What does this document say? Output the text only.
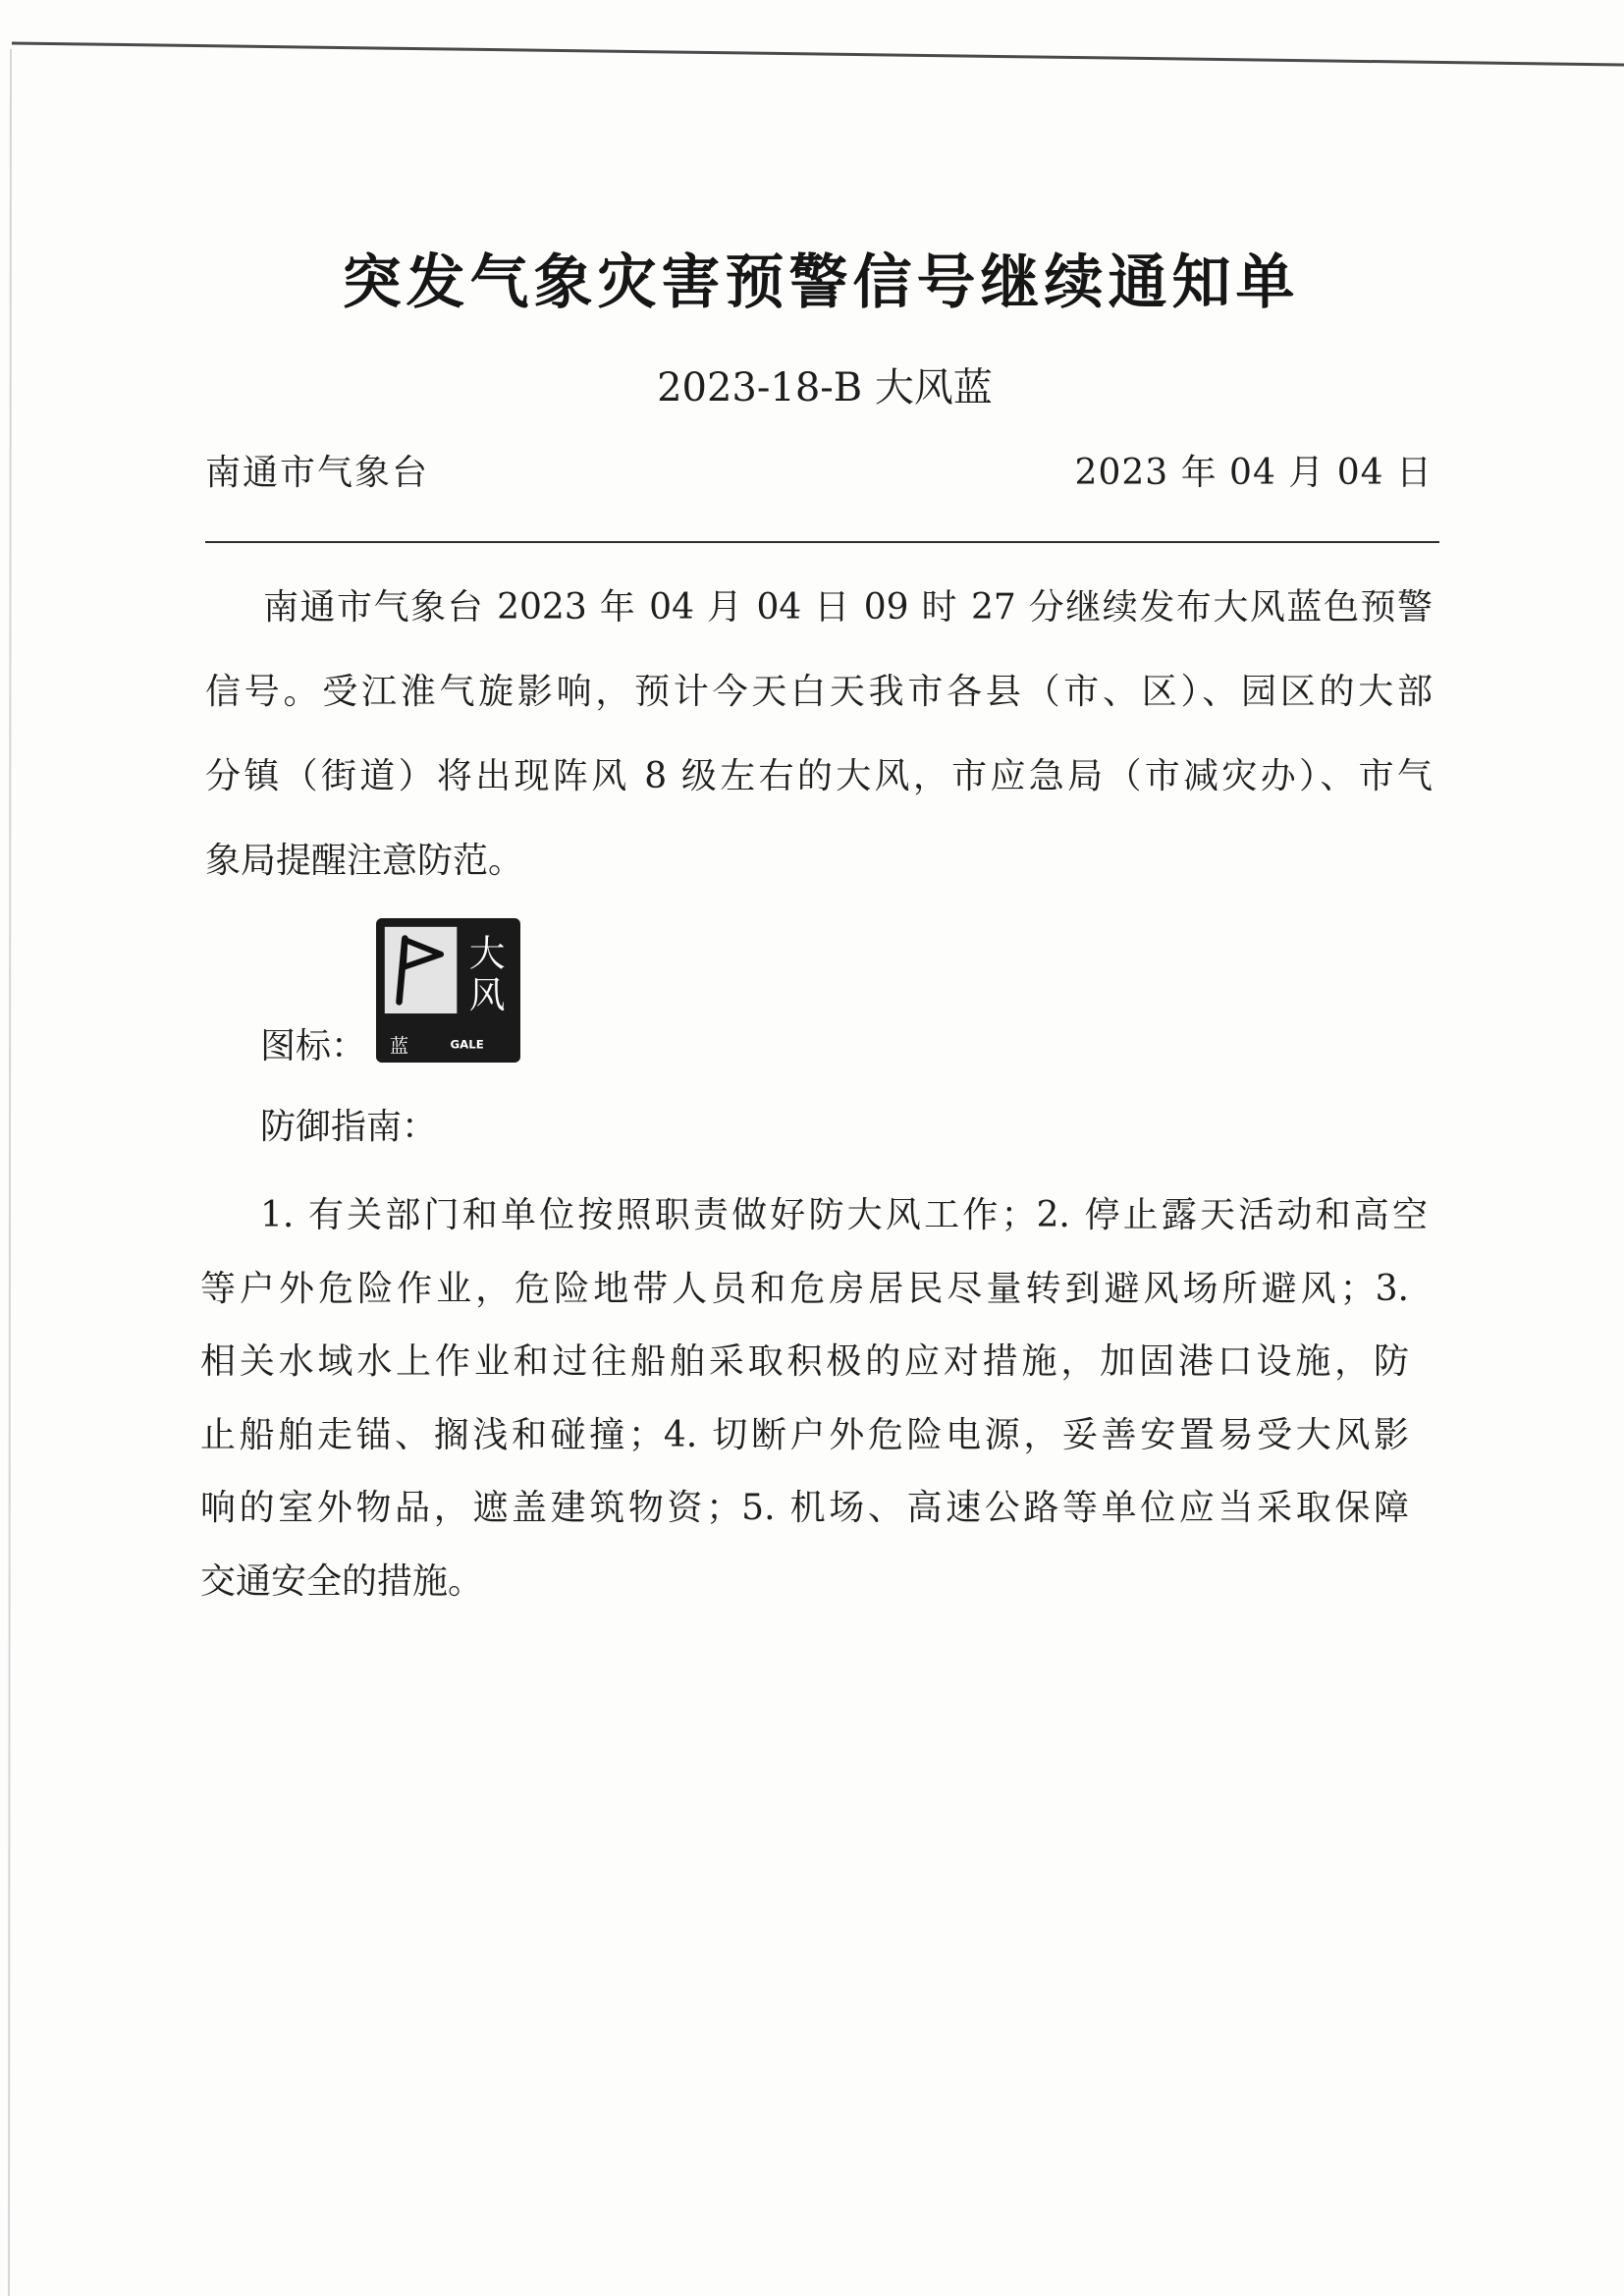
突发气象灾害预警信号继续通知单
2023-18-B 大风蓝
南通市气象台	2023 年 04 月 04 日
南通市气象台 2023 年 04 月 04 日 09 时 27 分继续发布大风蓝色预警
信号。受江淮气旋影响，预计今天白天我市各县（市、区）、园区的大部
分镇（街道）将出现阵风 8 级左右的大风，市应急局（市减灾办）、市气
象局提醒注意防范。
图标：
大
风
蓝	GALE
防御指南：
1. 有关部门和单位按照职责做好防大风工作；2. 停止露天活动和高空
等户外危险作业，危险地带人员和危房居民尽量转到避风场所避风；3.
相关水域水上作业和过往船舶采取积极的应对措施，加固港口设施，防
止船舶走锚、搁浅和碰撞；4. 切断户外危险电源，妥善安置易受大风影
响的室外物品，遮盖建筑物资；5. 机场、高速公路等单位应当采取保障
交通安全的措施。
